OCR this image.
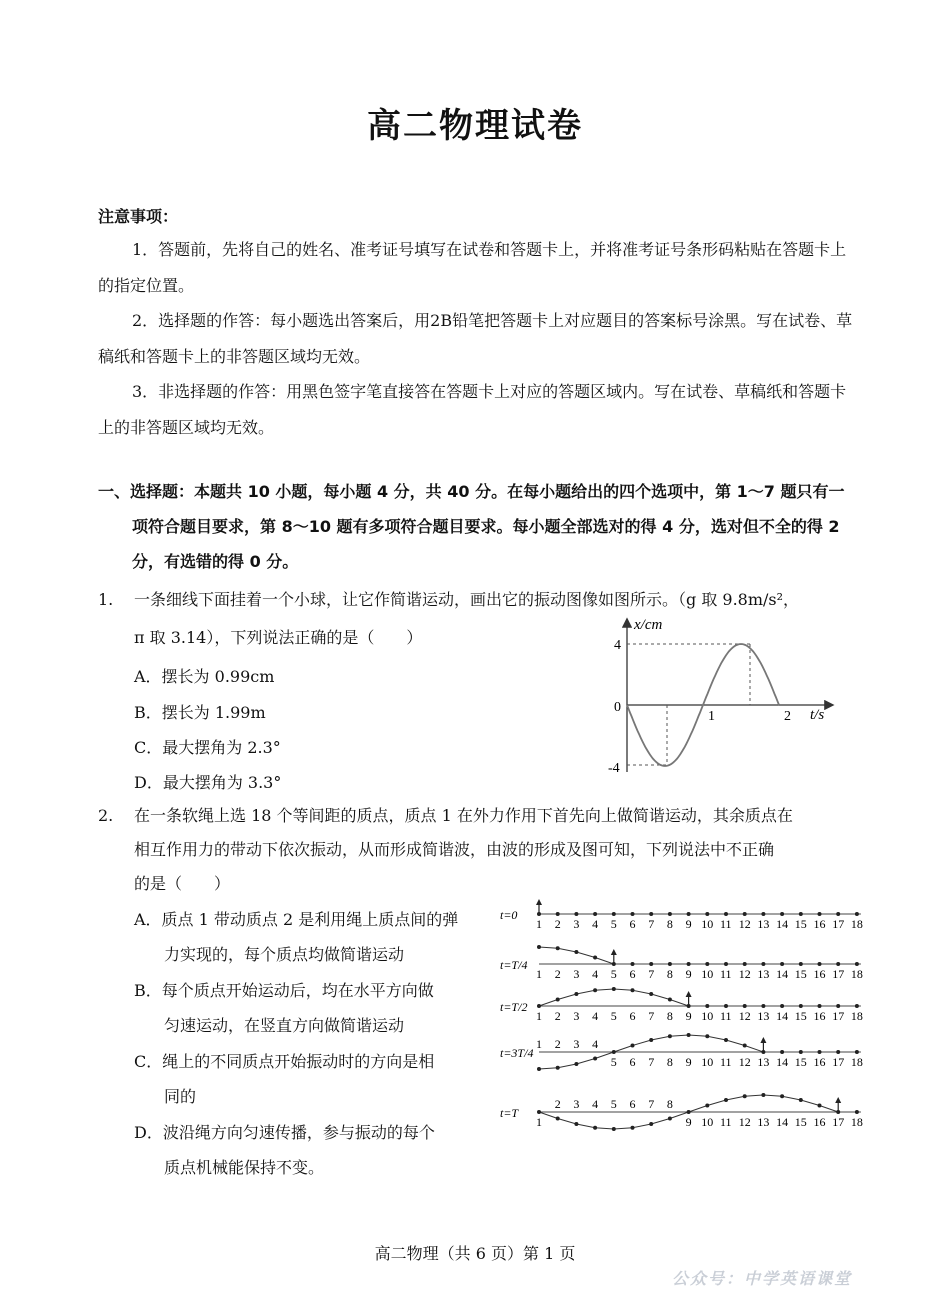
高二物理试卷
注意事项：
1．答题前，先将自己的姓名、准考证号填写在试卷和答题卡上，并将准考证号条形码粘贴在答题卡上的指定位置。
2．选择题的作答：每小题选出答案后，用2B铅笔把答题卡上对应题目的答案标号涂黑。写在试卷、草稿纸和答题卡上的非答题区域均无效。
3．非选择题的作答：用黑色签字笔直接答在答题卡上对应的答题区域内。写在试卷、草稿纸和答题卡上的非答题区域均无效。
一、选择题：本题共 10 小题，每小题 4 分，共 40 分。在每小题给出的四个选项中，第 1～7 题只有一项符合题目要求，第 8～10 题有多项符合题目要求。每小题全部选对的得 4 分，选对但不全的得 2 分，有选错的得 0 分。
1. 一条细线下面挂着一个小球，让它作简谐运动，画出它的振动图像如图所示。（g 取 9.8m/s²，
π 取 3.14），下列说法正确的是（　　）
A．摆长为 0.99cm
B．摆长为 1.99m
C．最大摆角为 2.3°
D．最大摆角为 3.3°
x/cm
t/s
4
0
-4
1	2
2. 在一条软绳上选 18 个等间距的质点，质点 1 在外力作用下首先向上做简谐运动，其余质点在
相互作用力的带动下依次振动，从而形成简谐波，由波的形成及图可知，下列说法中不正确
的是（　　）
A．质点 1 带动质点 2 是利用绳上质点间的弹
力实现的，每个质点均做简谐运动
B．每个质点开始运动后，均在水平方向做
匀速运动，在竖直方向做简谐运动
C．绳上的不同质点开始振动时的方向是相
同的
D．波沿绳方向匀速传播，参与振动的每个
质点机械能保持不变。
t=0
1 2 3 4 5 6 7 8 9 10 11 12 13 14 15 16 17 18
t=T/4
1 2 3 4 5 6 7 8 9 10 11 12 13 14 15 16 17 18
t=T/2
1 2 3 4 5 6 7 8 9 10 11 12 13 14 15 16 17 18
t=3T/4
1 2 3 4
5 6 7 8 9 10 11 12 13 14 15 16 17 18
t=T
1
2 3 4 5 6 7 8
9 10 11 12 13 14 15 16 17 18
高二物理（共 6 页）第 1 页
公众号：中学英语课堂
